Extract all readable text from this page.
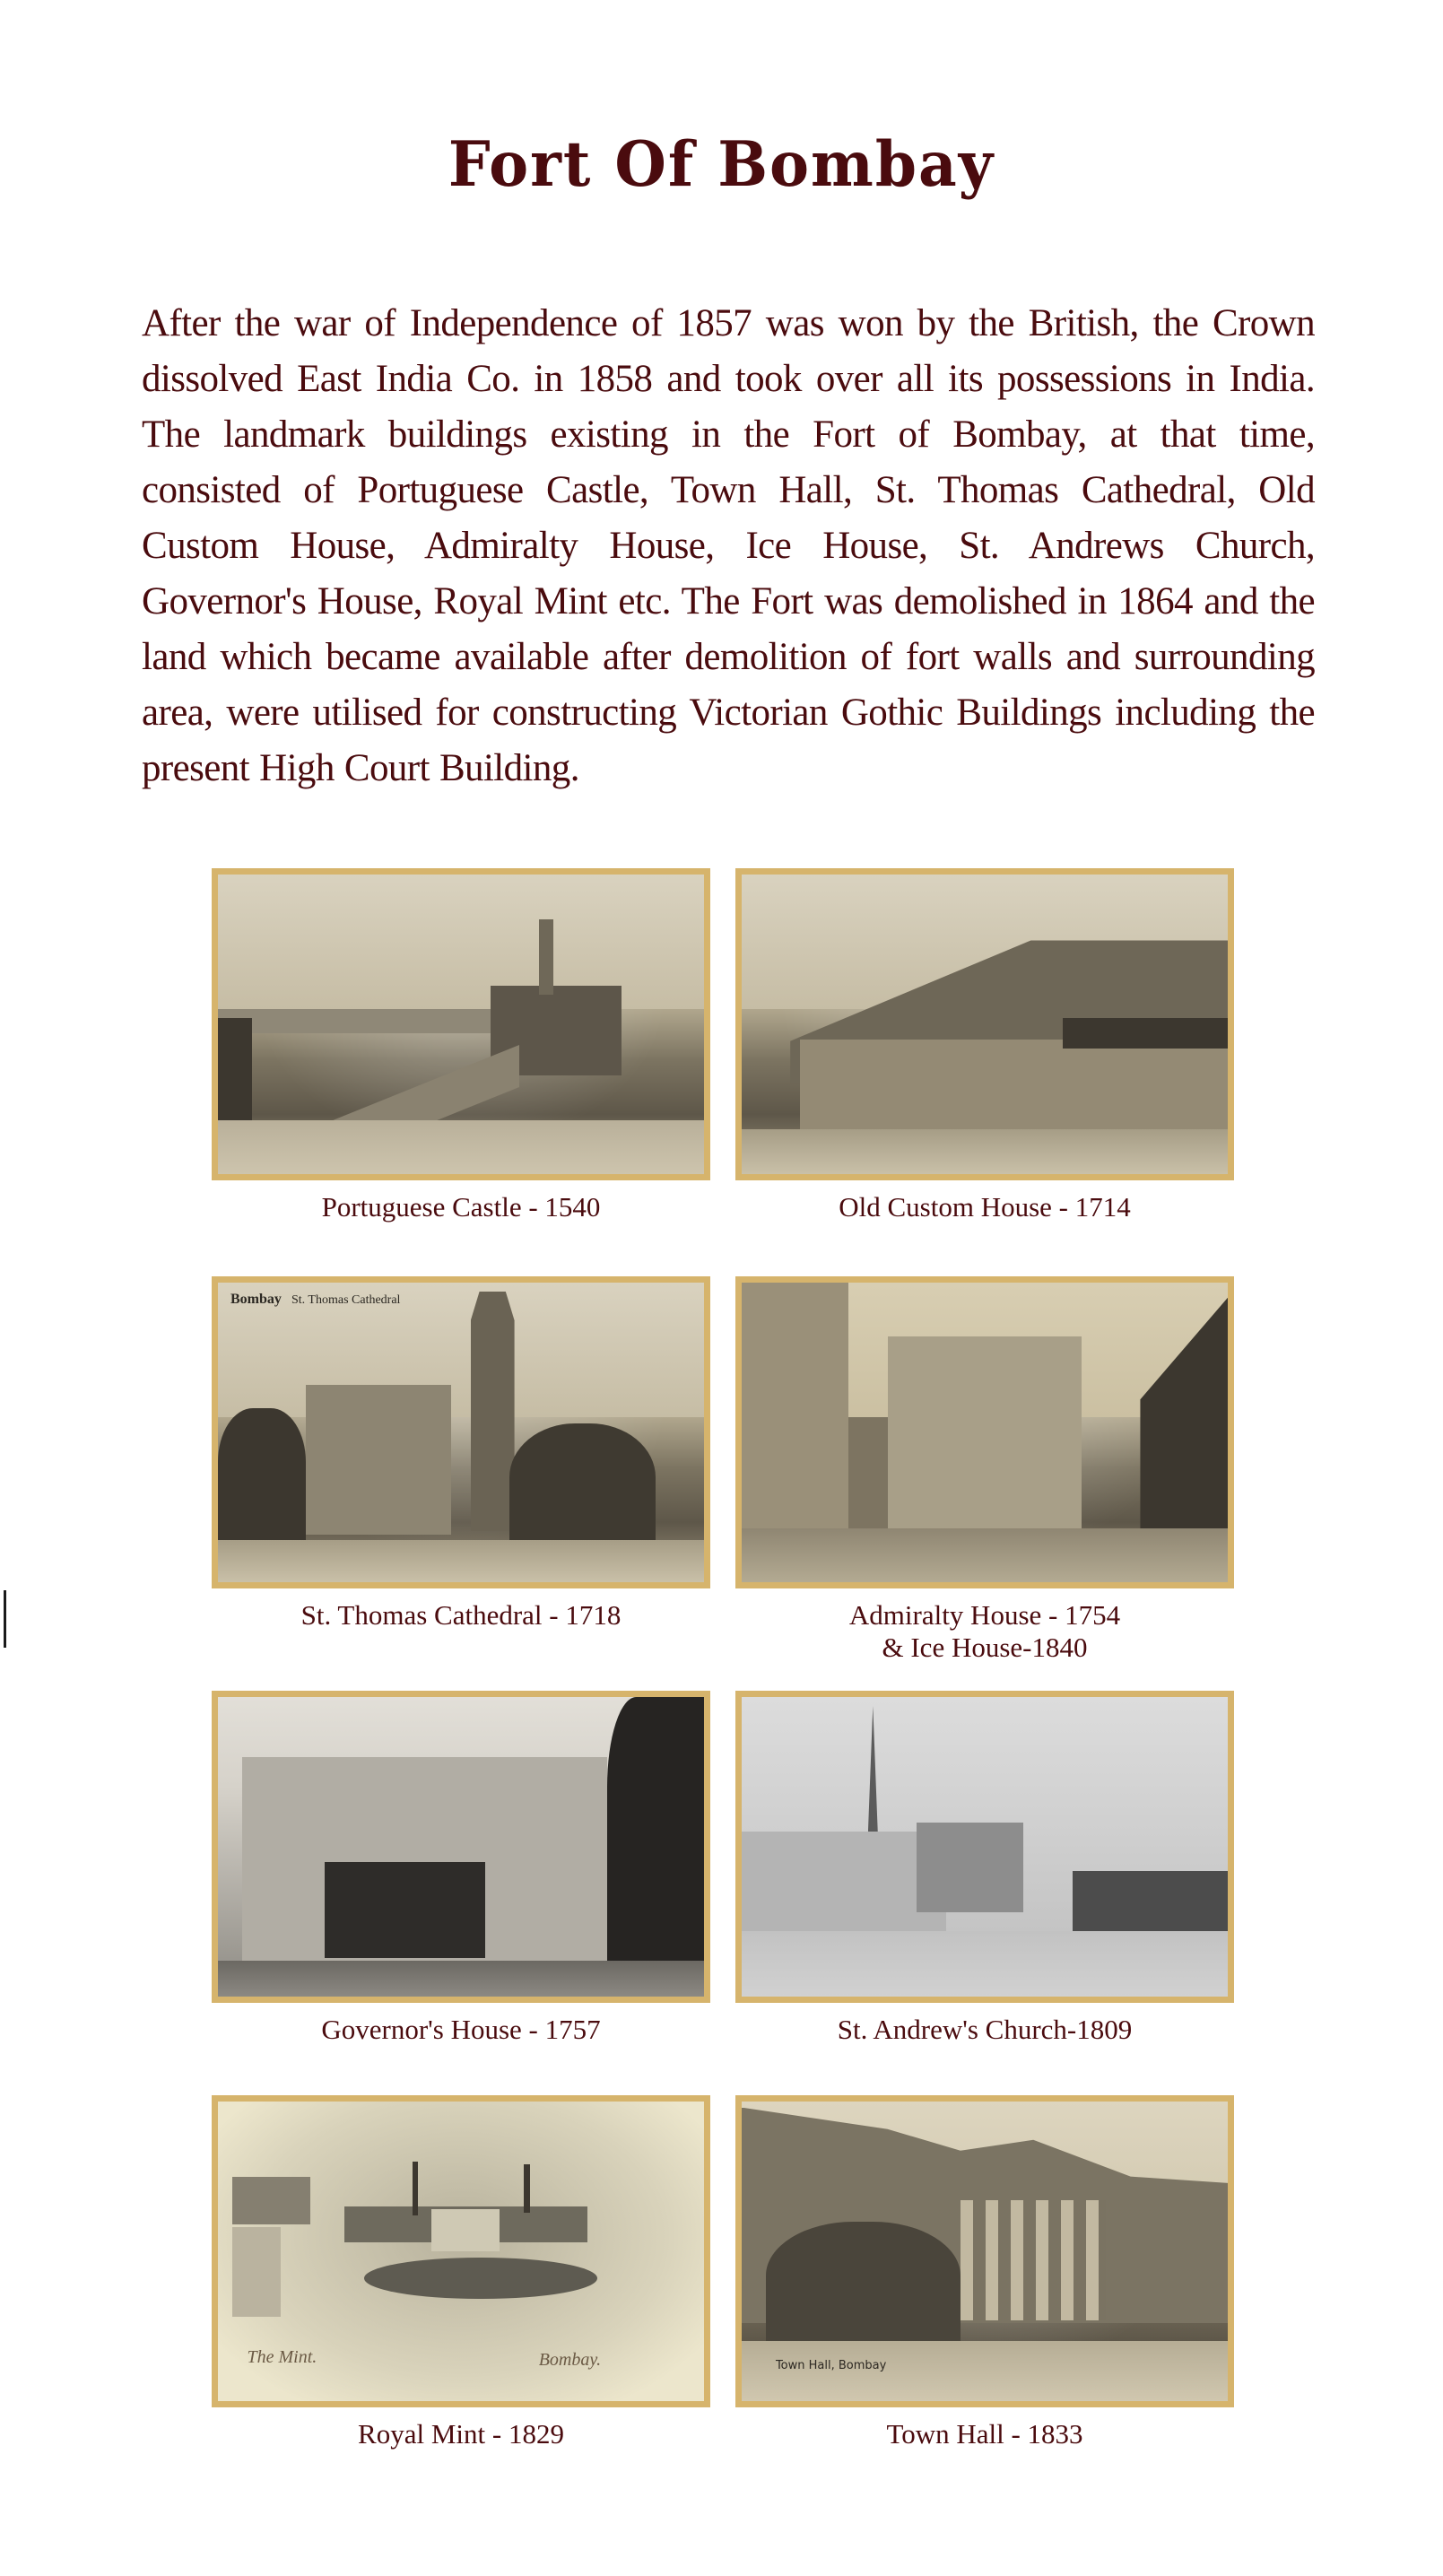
Fort Of Bombay

After the war of Independence of 1857 was won by the British, the Crown dissolved East India Co. in 1858 and took over all its possessions in India. The landmark buildings existing in the Fort of Bombay, at that time, consisted of Portuguese Castle, Town Hall, St. Thomas Cathedral, Old Custom House, Admiralty House, Ice House, St. Andrews Church, Governor's House, Royal Mint etc. The Fort was demolished in 1864 and the land which became available after demolition of fort walls and surrounding area, were utilised for constructing Victorian Gothic Buildings including the present High Court Building.

Portuguese Castle - 1540	Old Custom House - 1714
Bombay St. Thomas Cathedral
St. Thomas Cathedral - 1718	Admiralty House - 1754
& Ice House-1840
Governor's House - 1757	St. Andrew's Church-1809
The Mint.	Bombay.
Royal Mint - 1829
Town Hall, Bombay
Town Hall - 1833
